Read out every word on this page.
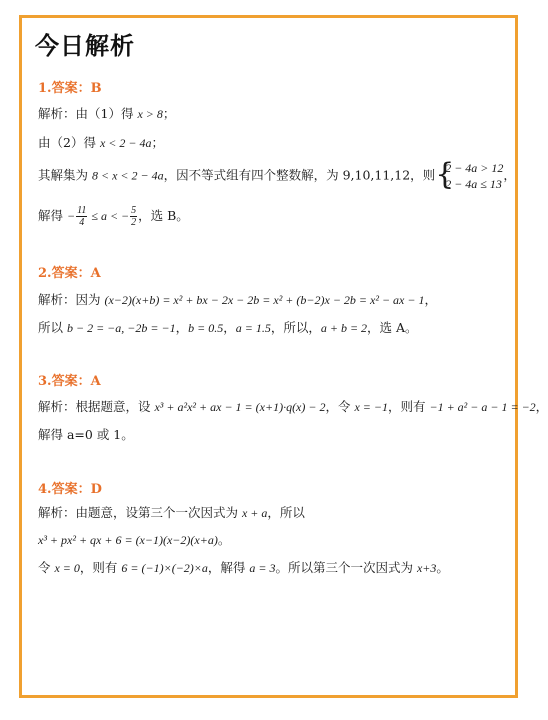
今日解析
1.答案：B
解析：由（1）得 x > 8；
由（2）得 x < 2 − 4a；
其解集为 8 < x < 2 − 4a，因不等式组有四个整数解，为 9,10,11,12，则 {
2 − 4a > 12
2 − 4a ≤ 13
，
解得 − $\frac{11}{4} \le a$ < − $\frac{5}{2}$ ，选 B。
2.答案：A
解析：因为 (x−2)(x+b) = x² + bx − 2x − 2b = x² + (b−2)x − 2b = x² − ax − 1，
所以 b − 2 = −a, −2b = −1，b = 0.5，a = 1.5，所以，a + b = 2，选 A。
3.答案：A
解析：根据题意，设 x³ + a²x² + ax − 1 = (x+1)·q(x) − 2，令 x = −1，则有 −1 + a² − a − 1 = −2，
解得 a=0 或 1。
4.答案：D
解析：由题意，设第三个一次因式为 x + a，所以
x³ + px² + qx + 6 = (x−1)(x−2)(x+a)。
令 x = 0，则有 6 = (−1)×(−2)×a，解得 a = 3。所以第三个一次因式为 x+3。
